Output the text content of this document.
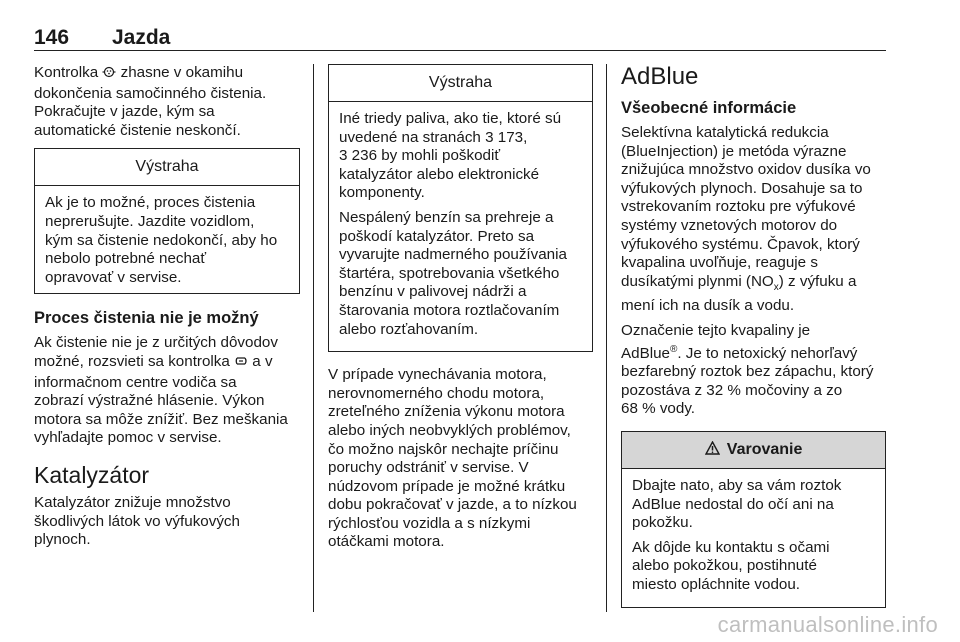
146 Jazda
Kontrolka  zhasne v okamihu
dokončenia samočinného čistenia.
Pokračujte v jazde, kým sa
automatické čistenie neskončí.
Výstraha
Ak je to možné, proces čistenia
neprerušujte. Jazdite vozidlom,
kým sa čistenie nedokončí, aby ho
nebolo potrebné nechať
opravovať v servise.
Proces čistenia nie je možný
Ak čistenie nie je z určitých dôvodov
možné, rozsvieti sa kontrolka  a v
informačnom centre vodiča sa
zobrazí výstražné hlásenie. Výkon
motora sa môže znížiť. Bez meškania
vyhľadajte pomoc v servise.
Katalyzátor
Katalyzátor znižuje množstvo
škodlivých látok vo výfukových
plynoch.
Výstraha
Iné triedy paliva, ako tie, ktoré sú
uvedené na stranách 3 173,
3 236 by mohli poškodiť
katalyzátor alebo elektronické
komponenty.
Nespálený benzín sa prehreje a
poškodí katalyzátor. Preto sa
vyvarujte nadmerného používania
štartéra, spotrebovania všetkého
benzínu v palivovej nádrži a
štarovania motora roztlačovaním
alebo rozťahovaním.
V prípade vynechávania motora,
nerovnomerného chodu motora,
zreteľného zníženia výkonu motora
alebo iných neobvyklých problémov,
čo možno najskôr nechajte príčinu
poruchy odstrániť v servise. V
núdzovom prípade je možné krátku
dobu pokračovať v jazde, a to nízkou
rýchlosťou vozidla a s nízkymi
otáčkami motora.
AdBlue
Všeobecné informácie
Selektívna katalytická redukcia
(BlueInjection) je metóda výrazne
znižujúca množstvo oxidov dusíka vo
výfukových plynoch. Dosahuje sa to
vstrekovaním roztoku pre výfukové
systémy vznetových motorov do
výfukového systému. Čpavok, ktorý
kvapalina uvoľňuje, reaguje s
dusíkatými plynmi $(NO_x)$ z výfuku a
mení ich na dusík a vodu.
Označenie tejto kvapaliny je
AdBlue®. Je to netoxický nehorľavý
bezfarebný roztok bez zápachu, ktorý
pozostáva z 32 % močoviny a zo
68 % vody.
Varovanie
Dbajte nato, aby sa vám roztok
AdBlue nedostal do očí ani na
pokožku.
Ak dôjde ku kontaktu s očami
alebo pokožkou, postihnuté
miesto opláchnite vodou.
carmanualsonline.info
